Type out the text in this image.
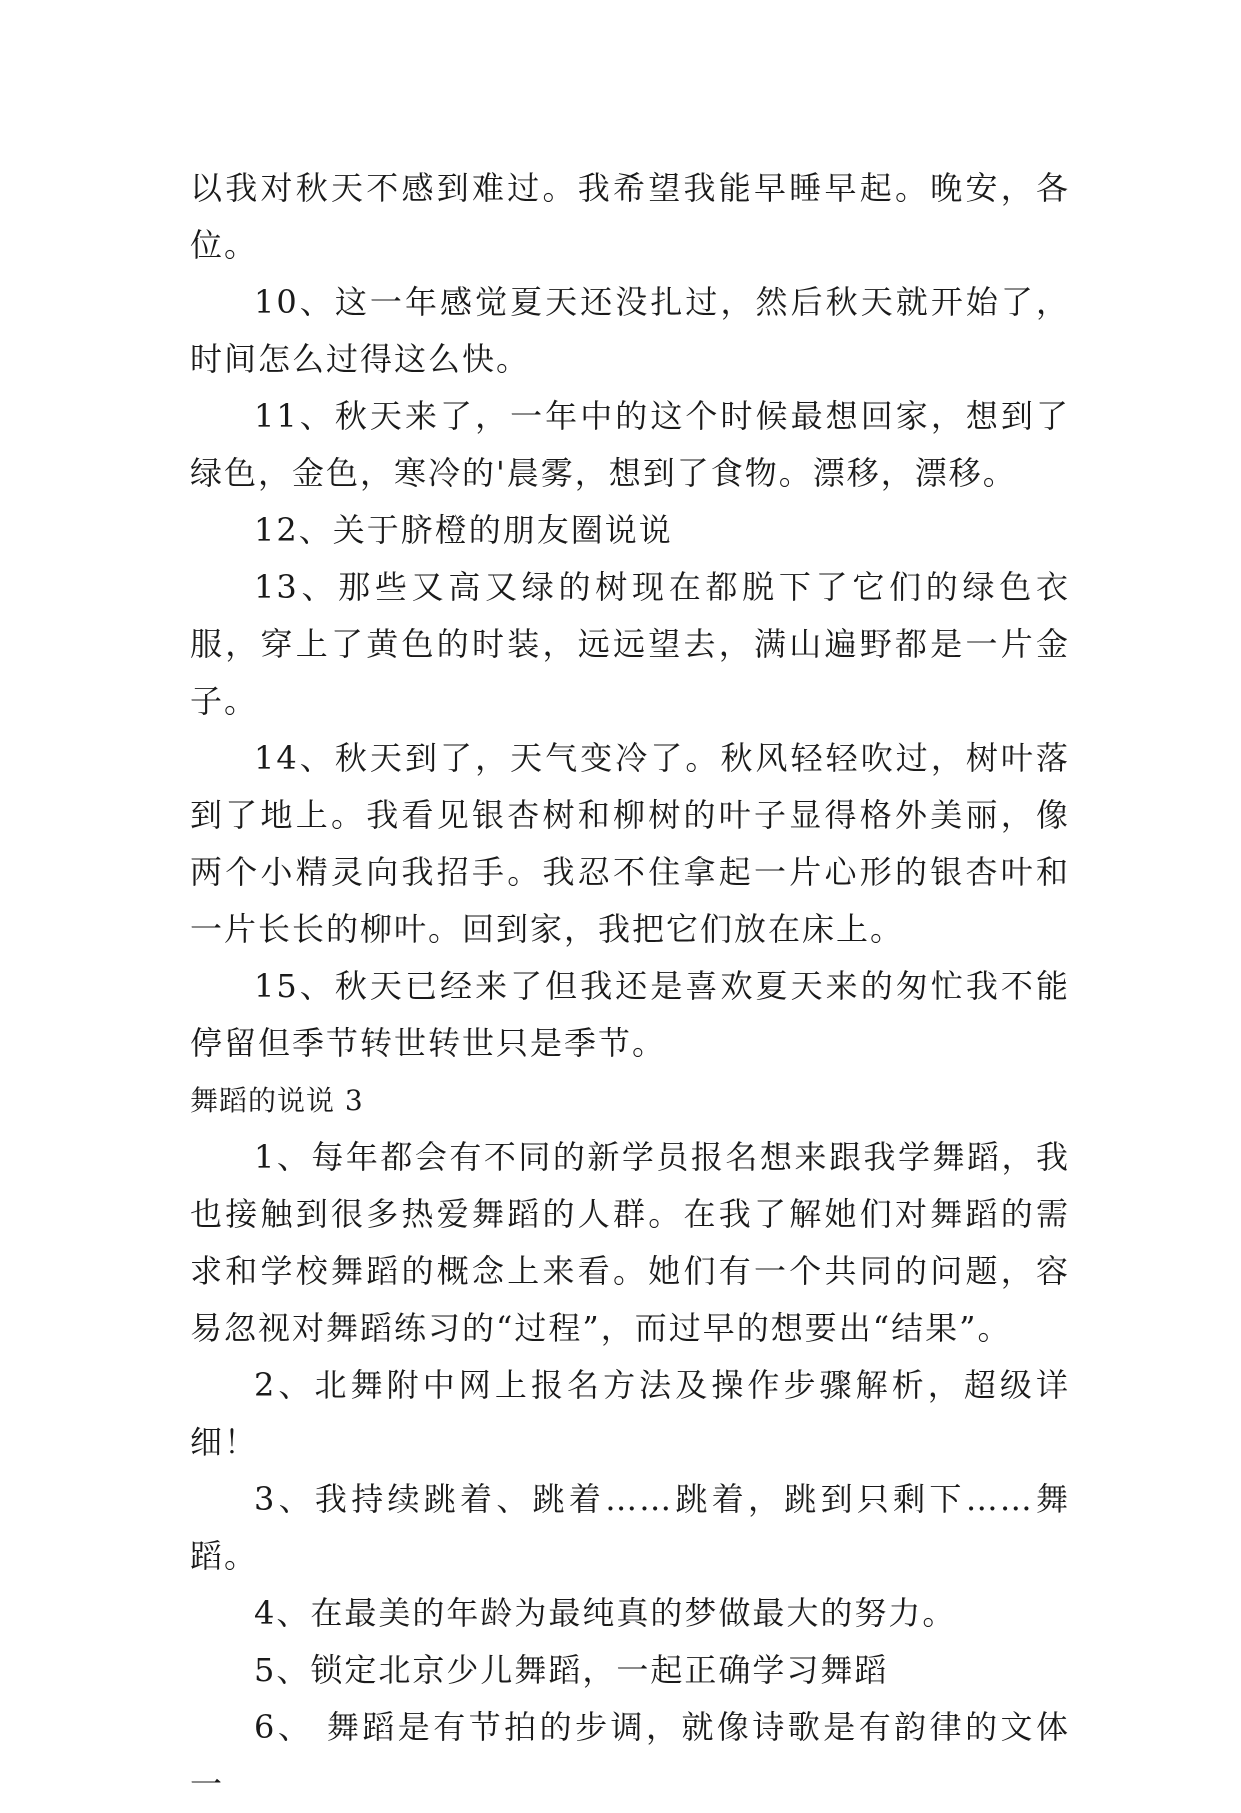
以我对秋天不感到难过。我希望我能早睡早起。晚安，各位。

10、这一年感觉夏天还没扎过，然后秋天就开始了，时间怎么过得这么快。

11、秋天来了，一年中的这个时候最想回家，想到了绿色，金色，寒冷的'晨雾，想到了食物。漂移，漂移。

12、关于脐橙的朋友圈说说

13、那些又高又绿的树现在都脱下了它们的绿色衣服，穿上了黄色的时装，远远望去，满山遍野都是一片金子。

14、秋天到了，天气变冷了。秋风轻轻吹过，树叶落到了地上。我看见银杏树和柳树的叶子显得格外美丽，像两个小精灵向我招手。我忍不住拿起一片心形的银杏叶和一片长长的柳叶。回到家，我把它们放在床上。

15、秋天已经来了但我还是喜欢夏天来的匆忙我不能停留但季节转世转世只是季节。

舞蹈的说说 3

1、每年都会有不同的新学员报名想来跟我学舞蹈，我也接触到很多热爱舞蹈的人群。在我了解她们对舞蹈的需求和学校舞蹈的概念上来看。她们有一个共同的问题，容易忽视对舞蹈练习的“过程”，而过早的想要出“结果”。

2、北舞附中网上报名方法及操作步骤解析，超级详细！

3、我持续跳着、跳着……跳着，跳到只剩下……舞蹈。

4、在最美的年龄为最纯真的梦做最大的努力。

5、锁定北京少儿舞蹈，一起正确学习舞蹈

6、 舞蹈是有节拍的步调，就像诗歌是有韵律的文体一
